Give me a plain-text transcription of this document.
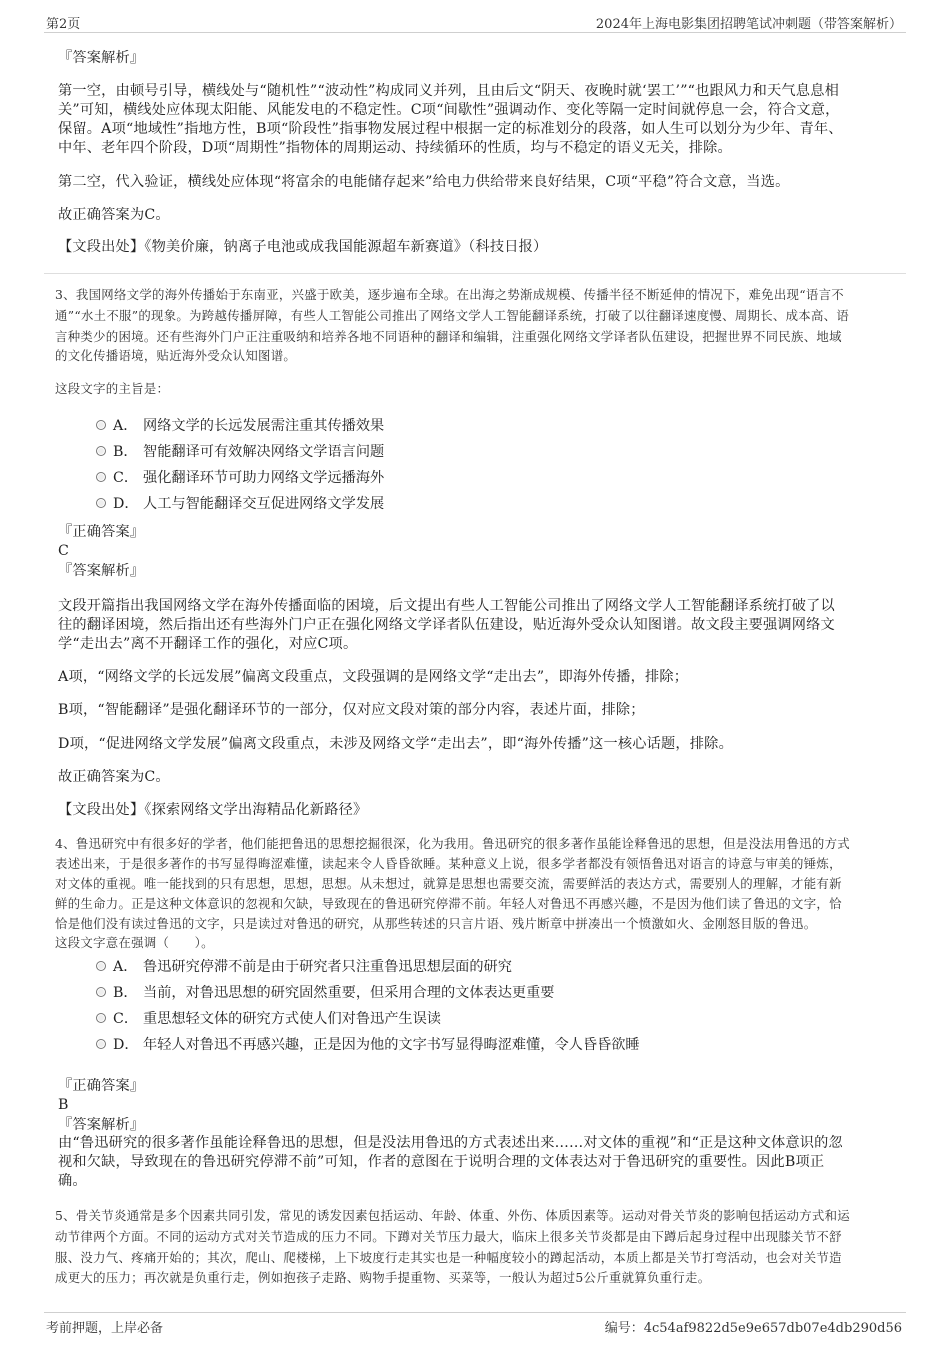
第2页	2024年上海电影集团招聘笔试冲刺题（带答案解析）
『答案解析』
第一空，由顿号引导，横线处与“随机性”“波动性”构成同义并列，且由后文“阴天、夜晚时就‘罢工’”“也跟风力和天气息息相
关”可知，横线处应体现太阳能、风能发电的不稳定性。C项“间歇性”强调动作、变化等隔一定时间就停息一会，符合文意，
保留。A项“地域性”指地方性，B项“阶段性”指事物发展过程中根据一定的标准划分的段落，如人生可以划分为少年、青年、
中年、老年四个阶段，D项“周期性”指物体的周期运动、持续循环的性质，均与不稳定的语义无关，排除。
第二空，代入验证，横线处应体现“将富余的电能储存起来”给电力供给带来良好结果，C项“平稳”符合文意，当选。
故正确答案为C。
【文段出处】《物美价廉，钠离子电池或成我国能源超车新赛道》（科技日报）
3、我国网络文学的海外传播始于东南亚，兴盛于欧美，逐步遍布全球。在出海之势渐成规模、传播半径不断延伸的情况下，难免出现“语言不
通”“水土不服”的现象。为跨越传播屏障，有些人工智能公司推出了网络文学人工智能翻译系统，打破了以往翻译速度慢、周期长、成本高、语
言种类少的困境。还有些海外门户正注重吸纳和培养各地不同语种的翻译和编辑，注重强化网络文学译者队伍建设，把握世界不同民族、地域
的文化传播语境，贴近海外受众认知图谱。
这段文字的主旨是：
A． 网络文学的长远发展需注重其传播效果
B． 智能翻译可有效解决网络文学语言问题
C． 强化翻译环节可助力网络文学远播海外
D． 人工与智能翻译交互促进网络文学发展
『正确答案』
C
『答案解析』
文段开篇指出我国网络文学在海外传播面临的困境，后文提出有些人工智能公司推出了网络文学人工智能翻译系统打破了以
往的翻译困境，然后指出还有些海外门户正在强化网络文学译者队伍建设，贴近海外受众认知图谱。故文段主要强调网络文
学“走出去”离不开翻译工作的强化，对应C项。
A项，“网络文学的长远发展”偏离文段重点，文段强调的是网络文学“走出去”，即海外传播，排除；
B项，“智能翻译”是强化翻译环节的一部分，仅对应文段对策的部分内容，表述片面，排除；
D项，“促进网络文学发展”偏离文段重点，未涉及网络文学“走出去”，即“海外传播”这一核心话题，排除。
故正确答案为C。
【文段出处】《探索网络文学出海精品化新路径》
4、鲁迅研究中有很多好的学者，他们能把鲁迅的思想挖掘很深，化为我用。鲁迅研究的很多著作虽能诠释鲁迅的思想，但是没法用鲁迅的方式
表述出来，于是很多著作的书写显得晦涩难懂，读起来令人昏昏欲睡。某种意义上说，很多学者都没有领悟鲁迅对语言的诗意与审美的锤炼，
对文体的重视。唯一能找到的只有思想，思想，思想。从未想过，就算是思想也需要交流，需要鲜活的表达方式，需要别人的理解，才能有新
鲜的生命力。正是这种文体意识的忽视和欠缺，导致现在的鲁迅研究停滞不前。年轻人对鲁迅不再感兴趣，不是因为他们读了鲁迅的文字，恰
恰是他们没有读过鲁迅的文字，只是读过对鲁迅的研究，从那些转述的只言片语、残片断章中拼凑出一个愤激如火、金刚怒目版的鲁迅。
这段文字意在强调（　　）。
A． 鲁迅研究停滞不前是由于研究者只注重鲁迅思想层面的研究
B． 当前，对鲁迅思想的研究固然重要，但采用合理的文体表达更重要
C． 重思想轻文体的研究方式使人们对鲁迅产生误读
D． 年轻人对鲁迅不再感兴趣，正是因为他的文字书写显得晦涩难懂，令人昏昏欲睡
『正确答案』
B
『答案解析』
由“鲁迅研究的很多著作虽能诠释鲁迅的思想，但是没法用鲁迅的方式表述出来……对文体的重视”和“正是这种文体意识的忽
视和欠缺，导致现在的鲁迅研究停滞不前”可知，作者的意图在于说明合理的文体表达对于鲁迅研究的重要性。因此B项正
确。
5、骨关节炎通常是多个因素共同引发，常见的诱发因素包括运动、年龄、体重、外伤、体质因素等。运动对骨关节炎的影响包括运动方式和运
动节律两个方面。不同的运动方式对关节造成的压力不同。下蹲对关节压力最大，临床上很多关节炎都是由下蹲后起身过程中出现膝关节不舒
服、没力气、疼痛开始的；其次，爬山、爬楼梯，上下坡度行走其实也是一种幅度较小的蹲起活动，本质上都是关节打弯活动，也会对关节造
成更大的压力；再次就是负重行走，例如抱孩子走路、购物手提重物、买菜等，一般认为超过5公斤重就算负重行走。
考前押题，上岸必备	编号：4c54af9822d5e9e657db07e4db290d56
